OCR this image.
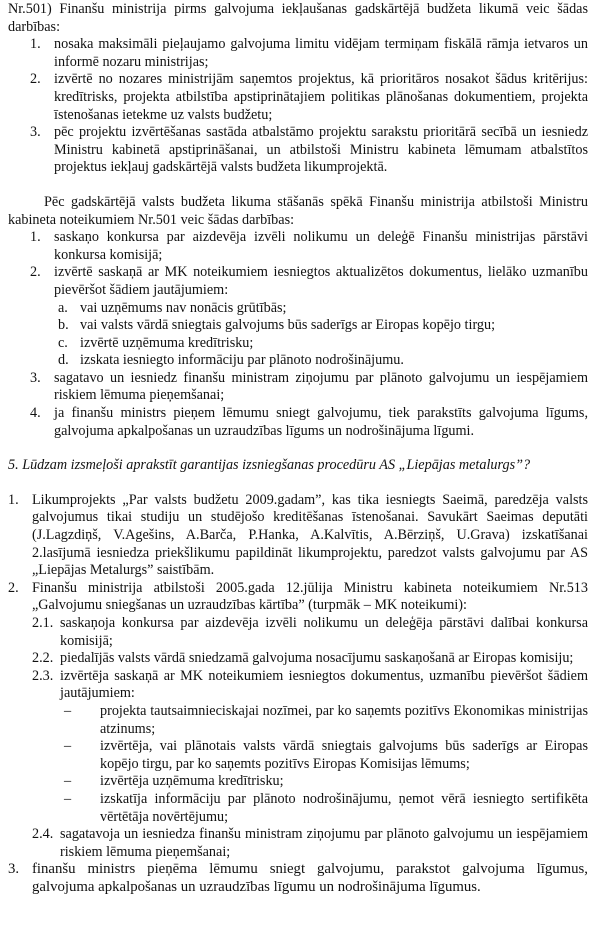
Nr.501) Finanšu ministrija pirms galvojuma iekļaušanas gadskārtējā budžeta likumā veic šādas darbības:

1. nosaka maksimāli pieļaujamo galvojuma limitu vidējam termiņam fiskālā rāmja ietvaros un informē nozaru ministrijas;
2. izvērtē no nozares ministrijām saņemtos projektus, kā prioritāros nosakot šādus kritērijus: kredītrisks, projekta atbilstība apstiprinātajiem politikas plānošanas dokumentiem, projekta īstenošanas ietekme uz valsts budžetu;
3. pēc projektu izvērtēšanas sastāda atbalstāmo projektu sarakstu prioritārā secībā un iesniedz Ministru kabinetā apstiprināšanai, un atbilstoši Ministru kabineta lēmumam atbalstītos projektus iekļauj gadskārtējā valsts budžeta likumprojektā.

Pēc gadskārtējā valsts budžeta likuma stāšanās spēkā Finanšu ministrija atbilstoši Ministru kabineta noteikumiem Nr.501 veic šādas darbības:

1. saskaņo konkursa par aizdevēja izvēli nolikumu un deleģē Finanšu ministrijas pārstāvi konkursa komisijā;
2. izvērtē saskaņā ar MK noteikumiem iesniegtos aktualizētos dokumentus, lielāko uzmanību pievēršot šādiem jautājumiem:
a. vai uzņēmums nav nonācis grūtībās;
b. vai valsts vārdā sniegtais galvojums būs saderīgs ar Eiropas kopējo tirgu;
c. izvērtē uzņēmuma kredītrisku;
d. izskata iesniegto informāciju par plānoto nodrošinājumu.
3. sagatavo un iesniedz finanšu ministram ziņojumu par plānoto galvojumu un iespējamiem riskiem lēmuma pieņemšanai;
4. ja finanšu ministrs pieņem lēmumu sniegt galvojumu, tiek parakstīts galvojuma līgums, galvojuma apkalpošanas un uzraudzības līgums un nodrošinājuma līgumi.

5. Lūdzam izsmeļoši aprakstīt garantijas izsniegšanas procedūru AS „Liepājas metalurgs”?

1. Likumprojekts „Par valsts budžetu 2009.gadam”, kas tika iesniegts Saeimā, paredzēja valsts galvojumus tikai studiju un studējošo kreditēšanas īstenošanai. Savukārt Saeimas deputāti (J.Lagzdiņš, V.Agešins, A.Barča, P.Hanka, A.Kalvītis, A.Bērziņš, U.Grava) izskatīšanai 2.lasījumā iesniedza priekšlikumu papildināt likumprojektu, paredzot valsts galvojumu par AS „Liepājas Metalurgs” saistībām.
2. Finanšu ministrija atbilstoši 2005.gada 12.jūlija Ministru kabineta noteikumiem Nr.513 „Galvojumu sniegšanas un uzraudzības kārtība” (turpmāk – MK noteikumi):
2.1. saskaņoja konkursa par aizdevēja izvēli nolikumu un deleģēja pārstāvi dalībai konkursa komisijā;
2.2. piedalījās valsts vārdā sniedzamā galvojuma nosacījumu saskaņošanā ar Eiropas komisiju;
2.3. izvērtēja saskaņā ar MK noteikumiem iesniegtos dokumentus, uzmanību pievēršot šādiem jautājumiem:
– projekta tautsaimnieciskajai nozīmei, par ko saņemts pozitīvs Ekonomikas ministrijas atzinums;
– izvērtēja, vai plānotais valsts vārdā sniegtais galvojums būs saderīgs ar Eiropas kopējo tirgu, par ko saņemts pozitīvs Eiropas Komisijas lēmums;
– izvērtēja uzņēmuma kredītrisku;
– izskatīja informāciju par plānoto nodrošinājumu, ņemot vērā iesniegto sertifikēta vērtētāja novērtējumu;
2.4. sagatavoja un iesniedza finanšu ministram ziņojumu par plānoto galvojumu un iespējamiem riskiem lēmuma pieņemšanai;
3. finanšu ministrs pieņēma lēmumu sniegt galvojumu, parakstot galvojuma līgumus, galvojuma apkalpošanas un uzraudzības līgumu un nodrošinājuma līgumus.
